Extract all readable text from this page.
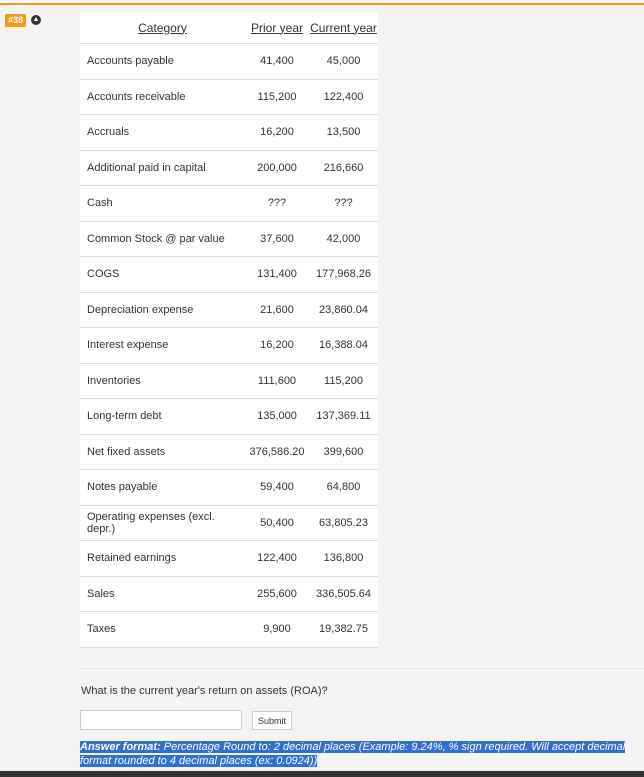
#38	▲
Category	Prior year	Current year
Accounts payable	41,400	45,000
Accounts receivable	115,200	122,400
Accruals	16,200	13,500
Additional paid in capital	200,000	216,660
Cash	???	???
Common Stock @ par value	37,600	42,000
COGS	131,400	177,968.26
Depreciation expense	21,600	23,860.04
Interest expense	16,200	16,388.04
Inventories	111,600	115,200
Long-term debt	135,000	137,369.11
Net fixed assets	376,586.20	399,600
Notes payable	59,400	64,800
Operating expenses (excl. depr.)	50,400	63,805.23
Retained earnings	122,400	136,800
Sales	255,600	336,505.64
Taxes	9,900	19,382.75
What is the current year's return on assets (ROA)?
Submit
Answer format: Percentage Round to: 2 decimal places (Example: 9.24%, % sign required. Will accept decimal format rounded to 4 decimal places (ex: 0.0924))
